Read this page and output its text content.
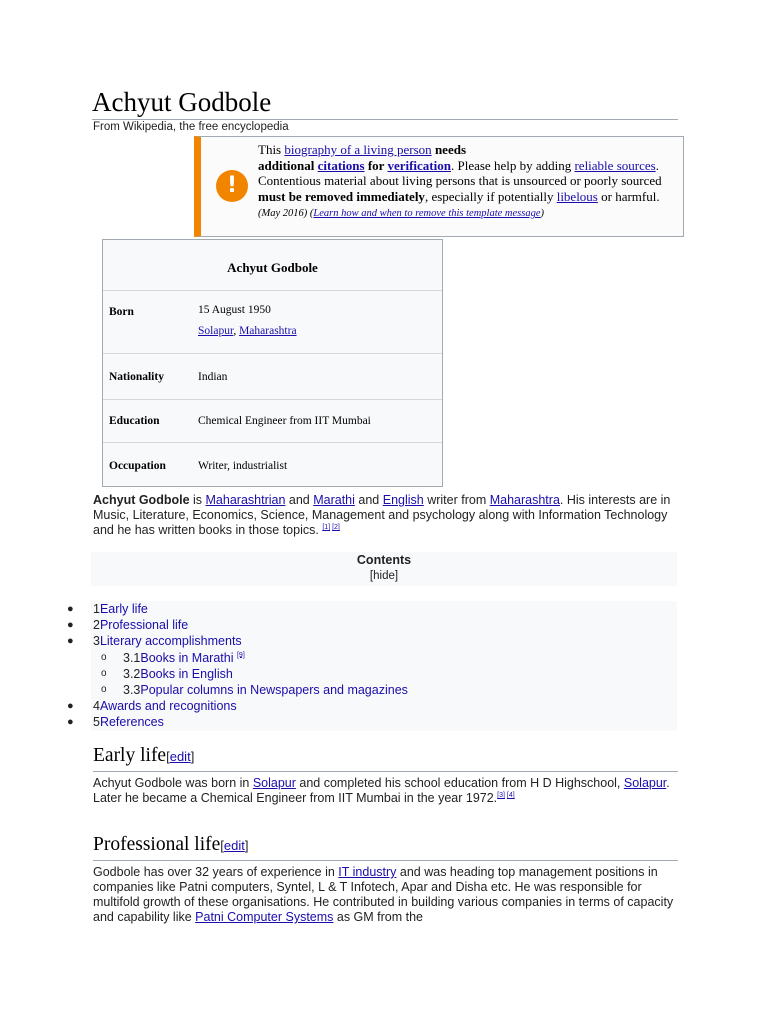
Achyut Godbole
From Wikipedia, the free encyclopedia
!
This biography of a living person needs
additional citations for verification. Please help by adding reliable sources. Contentious material about living persons that is unsourced or poorly sourced must be removed immediately, especially if potentially libelous or harmful. (May 2016) (Learn how and when to remove this template message)
Achyut Godbole
Born	15 August 1950
Solapur, Maharashtra
Nationality	Indian
Education	Chemical Engineer from IIT Mumbai
Occupation	Writer, industrialist
Achyut Godbole is Maharashtrian and Marathi and English writer from Maharashtra. His interests are in Music, Literature, Economics, Science, Management and psychology along with Information Technology and he has written books in those topics. [1] [2]
Contents
[hide]
● 1Early life
● 2Professional life
● 3Literary accomplishments
o 3.1Books in Marathi [9]
o 3.2Books in English
o 3.3Popular columns in Newspapers and magazines
● 4Awards and recognitions
● 5References
Early life[edit]
Achyut Godbole was born in Solapur and completed his school education from H D Highschool, Solapur. Later he became a Chemical Engineer from IIT Mumbai in the year 1972.[3] [4]
Professional life[edit]
Godbole has over 32 years of experience in IT industry and was heading top management positions in companies like Patni computers, Syntel, L & T Infotech, Apar and Disha etc. He was responsible for multifold growth of these organisations. He contributed in building various companies in terms of capacity and capability like Patni Computer Systems as GM from the
